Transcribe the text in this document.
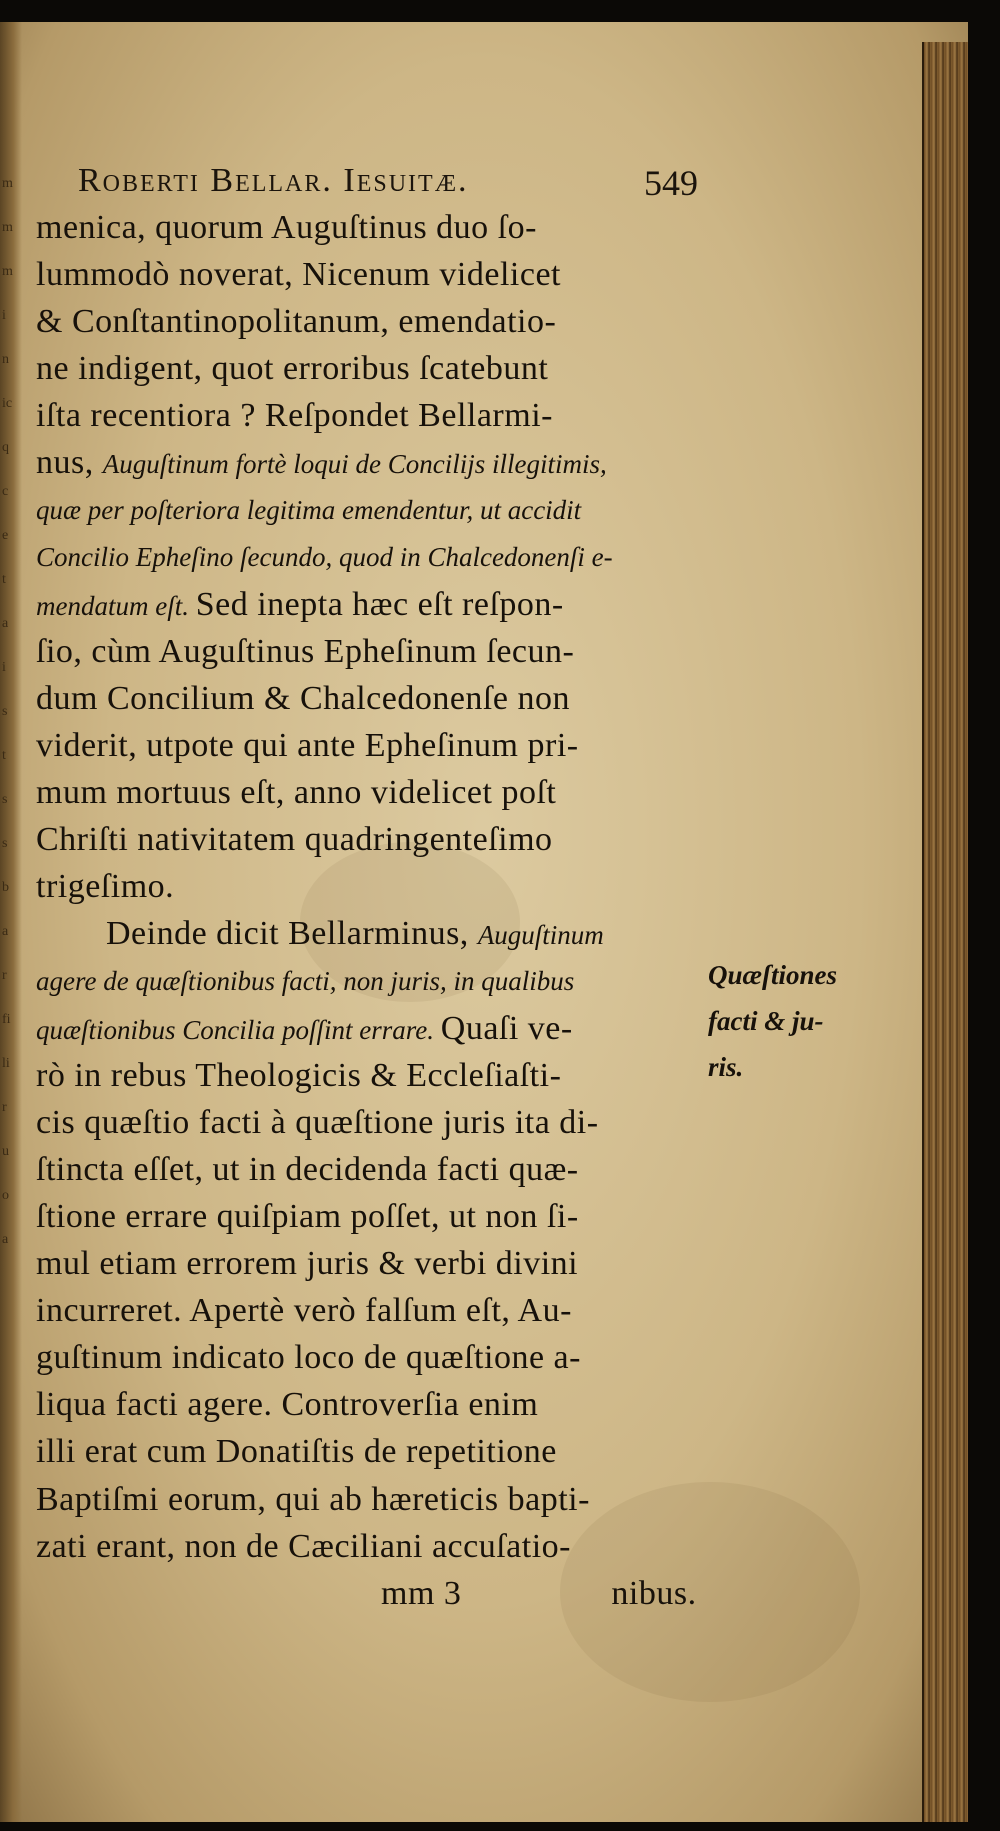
m
m
m
i
n
ic
q
c
e
t
a
i
s
t
s
s
b
a
r
fi
li
r
u
o
a
Roberti Bellar. Iesuitæ.	549
menica, quorum Auguſtinus duo ſo-
lummodò noverat, Nicenum videlicet
& Conſtantinopolitanum, emendatio-
ne indigent, quot erroribus ſcatebunt
iſta recentiora ? Reſpondet Bellarmi-
nus, Auguſtinum fortè loqui de Concilijs illegitimis,
quæ per poſteriora legitima emendentur, ut accidit
Concilio Epheſino ſecundo, quod in Chalcedonenſi e-
mendatum eſt. Sed inepta hæc eſt reſpon-
ſio, cùm Auguſtinus Epheſinum ſecun-
dum Concilium & Chalcedonenſe non
viderit, utpote qui ante Epheſinum pri-
mum mortuus eſt, anno videlicet poſt
Chriſti nativitatem quadringenteſimo
trigeſimo.
Deinde dicit Bellarminus, Auguſtinum
agere de quæſtionibus facti, non juris, in qualibus
quæſtionibus Concilia poſſint errare. Quaſi ve-
rò in rebus Theologicis & Eccleſiaſti-
cis quæſtio facti à quæſtione juris ita di-
ſtincta eſſet, ut in decidenda facti quæ-
ſtione errare quiſpiam poſſet, ut non ſi-
mul etiam errorem juris & verbi divini
incurreret. Apertè verò falſum eſt, Au-
guſtinum indicato loco de quæſtione a-
liqua facti agere. Controverſia enim
illi erat cum Donatiſtis de repetitione
Baptiſmi eorum, qui ab hæreticis bapti-
zati erant, non de Cæciliani accuſatio-
mm 3	nibus.
Quæſtiones
facti & ju-
ris.
